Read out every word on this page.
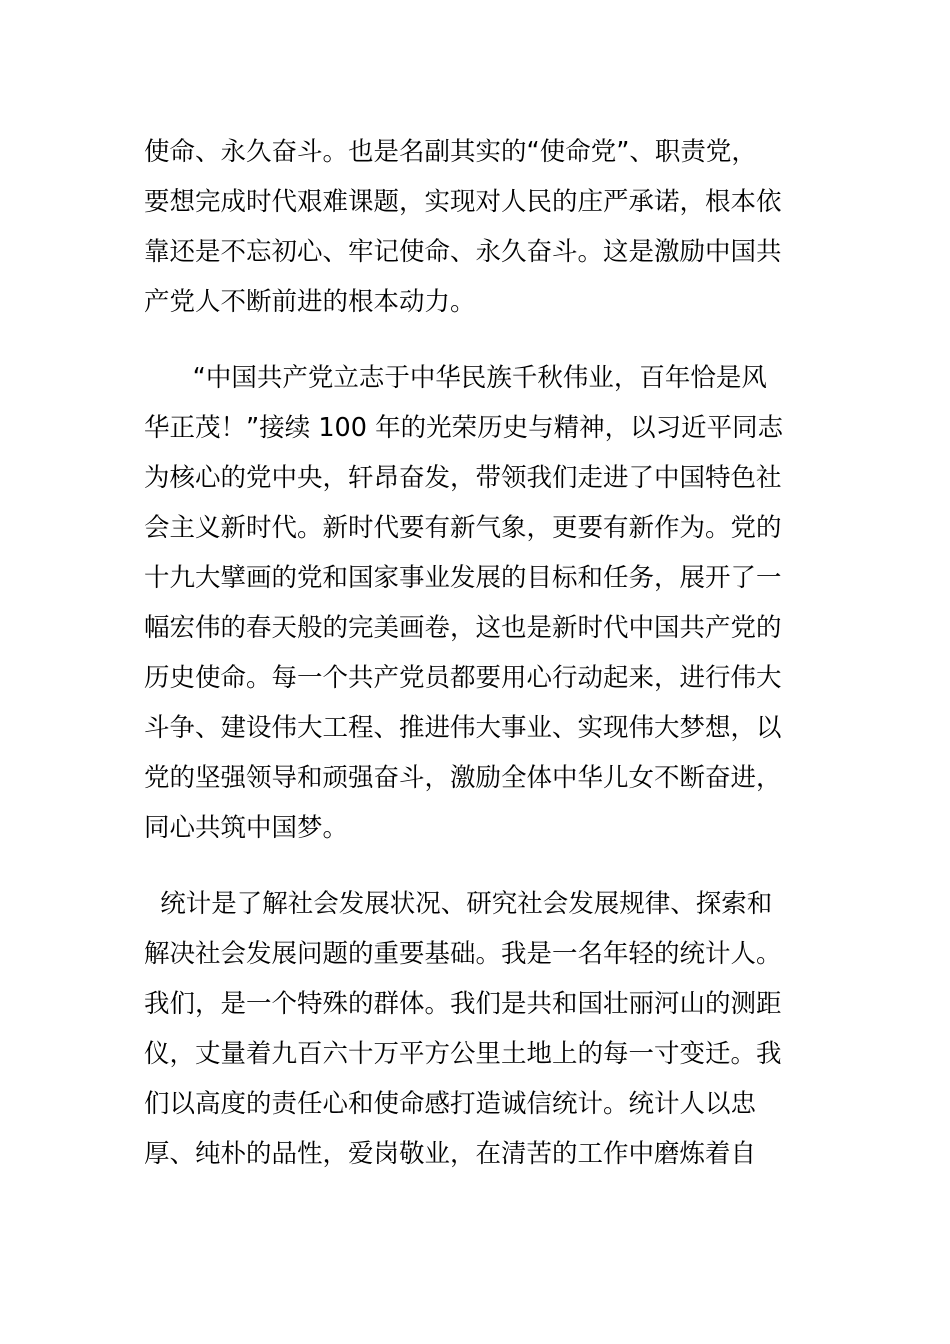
使命、永久奋斗。也是名副其实的“使命党”、职责党，
要想完成时代艰难课题，实现对人民的庄严承诺，根本依
靠还是不忘初心、牢记使命、永久奋斗。这是激励中国共
产党人不断前进的根本动力。
“中国共产党立志于中华民族千秋伟业，百年恰是风
华正茂！”接续 100 年的光荣历史与精神，以习近平同志
为核心的党中央，轩昂奋发，带领我们走进了中国特色社
会主义新时代。新时代要有新气象，更要有新作为。党的
十九大擘画的党和国家事业发展的目标和任务，展开了一
幅宏伟的春天般的完美画卷，这也是新时代中国共产党的
历史使命。每一个共产党员都要用心行动起来，进行伟大
斗争、建设伟大工程、推进伟大事业、实现伟大梦想，以
党的坚强领导和顽强奋斗，激励全体中华儿女不断奋进，
同心共筑中国梦。
统计是了解社会发展状况、研究社会发展规律、探索和
解决社会发展问题的重要基础。我是一名年轻的统计人。
我们，是一个特殊的群体。我们是共和国壮丽河山的测距
仪，丈量着九百六十万平方公里土地上的每一寸变迁。我
们以高度的责任心和使命感打造诚信统计。统计人以忠
厚、纯朴的品性，爱岗敬业，在清苦的工作中磨炼着自
